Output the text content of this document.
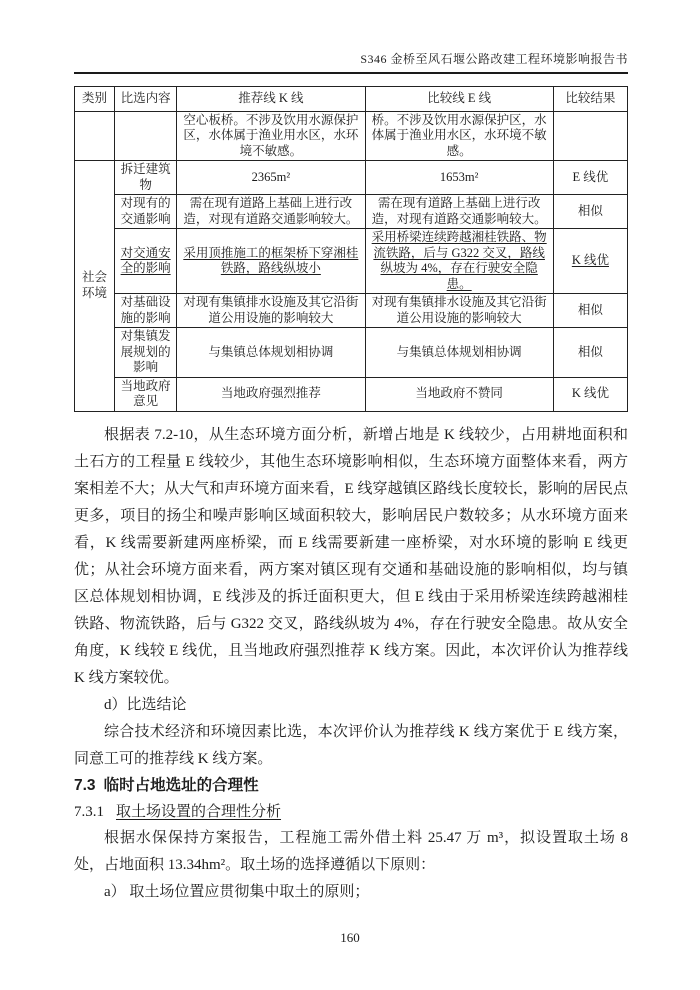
S346 金桥至风石堰公路改建工程环境影响报告书
类别	比选内容	推荐线 K 线	比较线 E 线	比较结果
		空心板桥。不涉及饮用水源保护区，水体属于渔业用水区，水环境不敏感。	桥。不涉及饮用水源保护区，水体属于渔业用水区，水环境不敏感。	
社会环境	拆迁建筑物	2365m²	1653m²	E 线优
	对现有的交通影响	需在现有道路上基础上进行改造，对现有道路交通影响较大。	需在现有道路上基础上进行改造，对现有道路交通影响较大。	相似
	对交通安全的影响	采用顶推施工的框架桥下穿湘桂铁路，路线纵坡小	采用桥梁连续跨越湘桂铁路、物流铁路，后与 G322 交叉，路线纵坡为 4%，存在行驶安全隐患。	K 线优
	对基础设施的影响	对现有集镇排水设施及其它沿街道公用设施的影响较大	对现有集镇排水设施及其它沿街道公用设施的影响较大	相似
	对集镇发展规划的影响	与集镇总体规划相协调	与集镇总体规划相协调	相似
	当地政府意见	当地政府强烈推荐	当地政府不赞同	K 线优

根据表 7.2-10，从生态环境方面分析，新增占地是 K 线较少，占用耕地面积和土石方的工程量 E 线较少，其他生态环境影响相似，生态环境方面整体来看，两方案相差不大；从大气和声环境方面来看，E 线穿越镇区路线长度较长，影响的居民点更多，项目的扬尘和噪声影响区域面积较大，影响居民户数较多；从水环境方面来看，K 线需要新建两座桥梁，而 E 线需要新建一座桥梁，对水环境的影响 E 线更优；从社会环境方面来看，两方案对镇区现有交通和基础设施的影响相似，均与镇区总体规划相协调，E 线涉及的拆迁面积更大，但 E 线由于采用桥梁连续跨越湘桂铁路、物流铁路，后与 G322 交叉，路线纵坡为 4%，存在行驶安全隐患。故从安全角度，K 线较 E 线优，且当地政府强烈推荐 K 线方案。因此，本次评价认为推荐线 K 线方案较优。

d）比选结论

综合技术经济和环境因素比选，本次评价认为推荐线 K 线方案优于 E 线方案，同意工可的推荐线 K 线方案。

7.3 临时占地选址的合理性

7.3.1 取土场设置的合理性分析

根据水保保持方案报告，工程施工需外借土料 25.47 万 m³，拟设置取土场 8 处，占地面积 13.34hm²。取土场的选择遵循以下原则：

a） 取土场位置应贯彻集中取土的原则；

160
